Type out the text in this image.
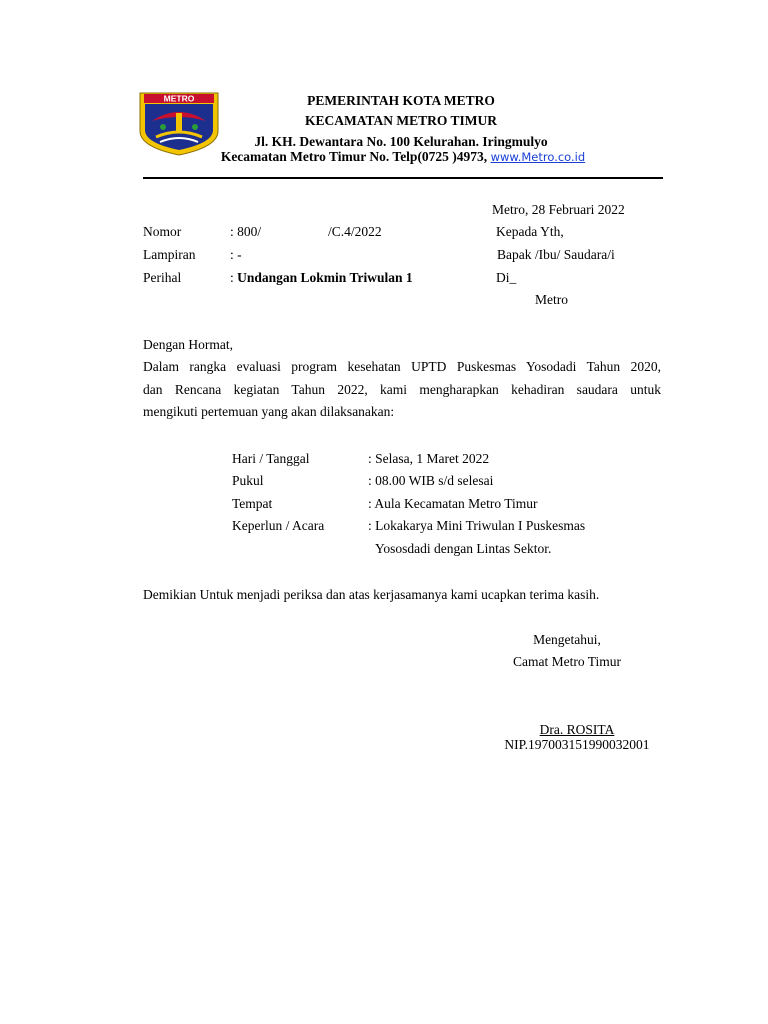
METRO	PEMERINTAH KOTA METRO
KECAMATAN METRO TIMUR
Jl. KH. Dewantara No. 100 Kelurahan. Iringmulyo
Kecamatan Metro Timur No. Telp(0725 )4973, www.Metro.co.id
Metro, 28 Februari 2022
Nomor	: 800/	/C.4/2022
Lampiran	: -
Perihal	: Undangan Lokmin Triwulan 1
Kepada Yth,
Bapak /Ibu/ Saudara/i
Di_
Metro
Dengan Hormat,
Dalam rangka evaluasi program kesehatan UPTD Puskesmas Yosodadi Tahun 2020,
dan Rencana kegiatan Tahun 2022, kami mengharapkan kehadiran saudara untuk
mengikuti pertemuan yang akan dilaksanakan:
Hari / Tanggal	: Selasa, 1 Maret 2022
Pukul	: 08.00 WIB s/d selesai
Tempat	: Aula Kecamatan Metro Timur
Keperlun / Acara	: Lokakarya Mini Triwulan I Puskesmas
Yososdadi dengan Lintas Sektor.
Demikian Untuk menjadi periksa dan atas kerjasamanya kami ucapkan terima kasih.
Mengetahui,
Camat Metro Timur
Dra. ROSITA
NIP.197003151990032001
